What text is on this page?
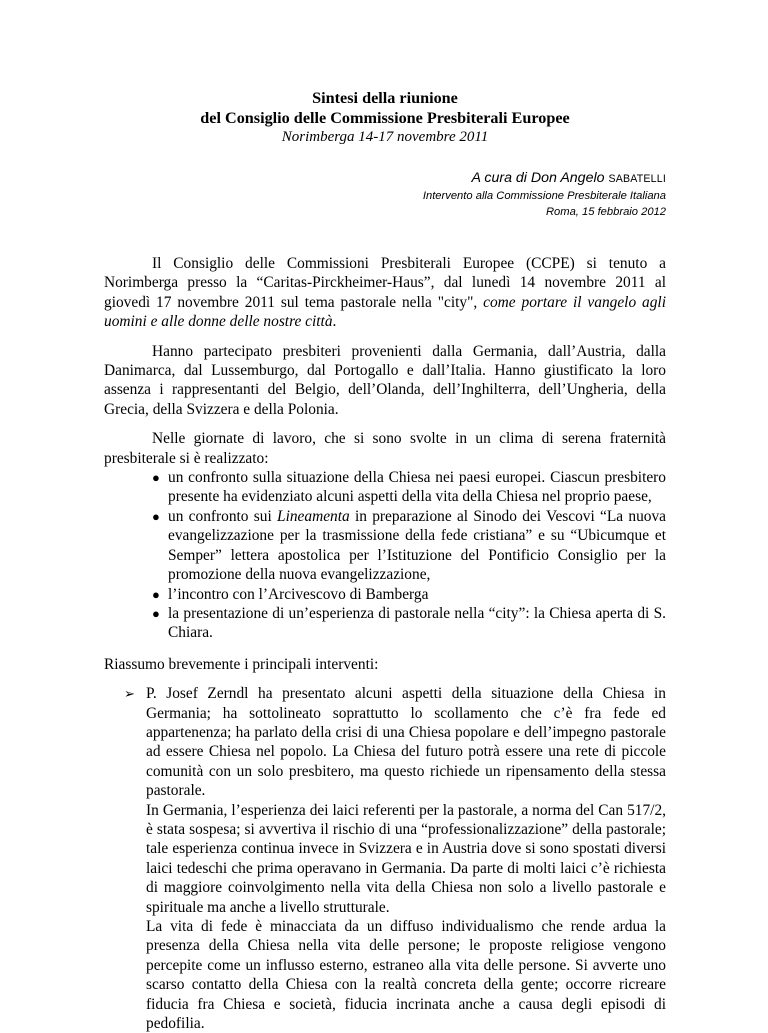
Sintesi della riunione

del Consiglio delle Commissione Presbiterali Europee

Norimberga 14-17 novembre 2011

A cura di Don Angelo SABATELLI
Intervento alla Commissione Presbiterale Italiana
Roma, 15 febbraio 2012

Il Consiglio delle Commissioni Presbiterali Europee (CCPE) si tenuto a Norimberga presso la “Caritas-Pirckheimer-Haus”, dal lunedì 14 novembre 2011 al giovedì 17 novembre 2011 sul tema pastorale nella "city", come portare il vangelo agli uomini e alle donne delle nostre città.

Hanno partecipato presbiteri provenienti dalla Germania, dall’Austria, dalla Danimarca, dal Lussemburgo, dal Portogallo e dall’Italia. Hanno giustificato la loro assenza i rappresentanti del Belgio, dell’Olanda, dell’Inghilterra, dell’Ungheria, della Grecia, della Svizzera e della Polonia.

Nelle giornate di lavoro, che si sono svolte in un clima di serena fraternità presbiterale si è realizzato:

● un confronto sulla situazione della Chiesa nei paesi europei. Ciascun presbitero presente ha evidenziato alcuni aspetti della vita della Chiesa nel proprio paese,
● un confronto sui Lineamenta in preparazione al Sinodo dei Vescovi “La nuova evangelizzazione per la trasmissione della fede cristiana” e su “Ubicumque et Semper” lettera apostolica per l’Istituzione del Pontificio Consiglio per la promozione della nuova evangelizzazione,
● l’incontro con l’Arcivescovo di Bamberga
● la presentazione di un’esperienza di pastorale nella “city”: la Chiesa aperta di S. Chiara.

Riassumo brevemente i principali interventi:

➢ P. Josef Zerndl ha presentato alcuni aspetti della situazione della Chiesa in Germania; ha sottolineato soprattutto lo scollamento che c’è fra fede ed appartenenza; ha parlato della crisi di una Chiesa popolare e dell’impegno pastorale ad essere Chiesa nel popolo. La Chiesa del futuro potrà essere una rete di piccole comunità con un solo presbitero, ma questo richiede un ripensamento della stessa pastorale.

In Germania, l’esperienza dei laici referenti per la pastorale, a norma del Can 517/2, è stata sospesa; si avvertiva il rischio di una “professionalizzazione” della pastorale; tale esperienza continua invece in Svizzera e in Austria dove si sono spostati diversi laici tedeschi che prima operavano in Germania. Da parte di molti laici c’è richiesta di maggiore coinvolgimento nella vita della Chiesa non solo a livello pastorale e spirituale ma anche a livello strutturale.

La vita di fede è minacciata da un diffuso individualismo che rende ardua la presenza della Chiesa nella vita delle persone; le proposte religiose vengono percepite come un influsso esterno, estraneo alla vita delle persone. Si avverte uno scarso contatto della Chiesa con la realtà concreta della gente; occorre ricreare fiducia fra Chiesa e società, fiducia incrinata anche a causa degli episodi di pedofilia.
